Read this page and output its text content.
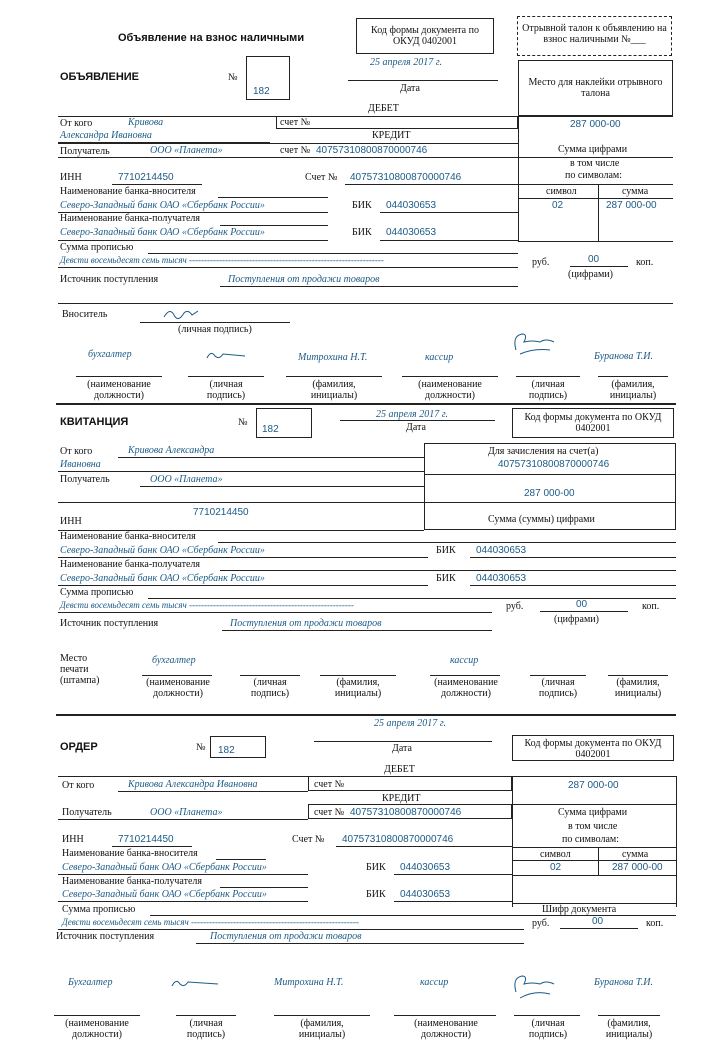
Объявление на взнос наличными
Код формы документа по ОКУД 0402001
Отрывной талон к объявлению на взнос наличными №___
ОБЪЯВЛЕНИЕ	№
182
25 апреля 2017 г.
Дата
Место для наклейки отрывного талона
ДЕБЕТ
От кого	Кривова	счет №	287 000-00
Александра Ивановна	КРЕДИТ
Сумма цифрами
Получатель	ООО «Планета»	счет № 40757310800870000746
в том числе
ИНН	7710214450	Счет № 40757310800870000746	по символам:
символ	сумма
02	287 000-00
Наименование банка-вносителя
Северо-Западный банк ОАО «Сбербанк России»	БИК 044030653
Наименование банка-получателя
Северо-Западный банк ОАО «Сбербанк России»	БИК 044030653
Сумма прописью
Девсти восемьдесят семь тысяч -----------------------------------------------------------------	руб.	00	коп.
(цифрами)
Источник поступления	Поступления от продажи товаров
Вноситель
(личная подпись)
бухгалтер	Митрохина Н.Т.	кассир	Буранова Т.И.
(наименование должности)
(личная подпись)
(фамилия, инициалы)
(наименование должности)
(личная подпись)
(фамилия, инициалы)
КВИТАНЦИЯ	№
182
25 апреля 2017 г.
Дата
Код формы документа по ОКУД 0402001
От кого	Кривова Александра
Ивановна
Для зачисления на счет(а)
40757310800870000746
Получатель	ООО «Планета»
287 000-00
7710214450
ИНН	Сумма (суммы) цифрами
Наименование банка-вносителя
Северо-Западный банк ОАО «Сбербанк России»	БИК 044030653
Наименование банка-получателя
Северо-Западный банк ОАО «Сбербанк России»	БИК 044030653
Сумма прописью
Девсти восемьдесят семь тысяч -------------------------------------------------------	руб.	00	коп.
(цифрами)
Источник поступления	Поступления от продажи товаров
Место печати (штампа)
бухгалтер	кассир
(наименование должности)
(личная подпись)
(фамилия, инициалы)
(наименование должности)
(личная подпись)
(фамилия, инициалы)
25 апреля 2017 г.
Дата
ОРДЕР	№ 182
Код формы документа по ОКУД 0402001
ДЕБЕТ
От кого	Кривова Александра Ивановна	счет №	287 000-00
КРЕДИТ
Получатель	ООО «Планета»	счет № 40757310800870000746	Сумма цифрами
в том числе
ИНН	7710214450	Счет № 40757310800870000746	по символам:
символ	сумма
02	287 000-00
Наименование банка-вносителя
Северо-Западный банк ОАО «Сбербанк России»	БИК 044030653
Наименование банка-получателя
Северо-Западный банк ОАО «Сбербанк России»	БИК 044030653
Сумма прописью	Шифр документа
Девсти восемьдесят семь тысяч --------------------------------------------------------	руб.	00	коп.
Источник поступления	Поступления от продажи товаров
Бухгалтер	Митрохина Н.Т.	кассир	Буранова Т.И.
(наименование должности)
(личная подпись)
(фамилия, инициалы)
(наименование должности)
(личная подпись)
(фамилия, инициалы)
